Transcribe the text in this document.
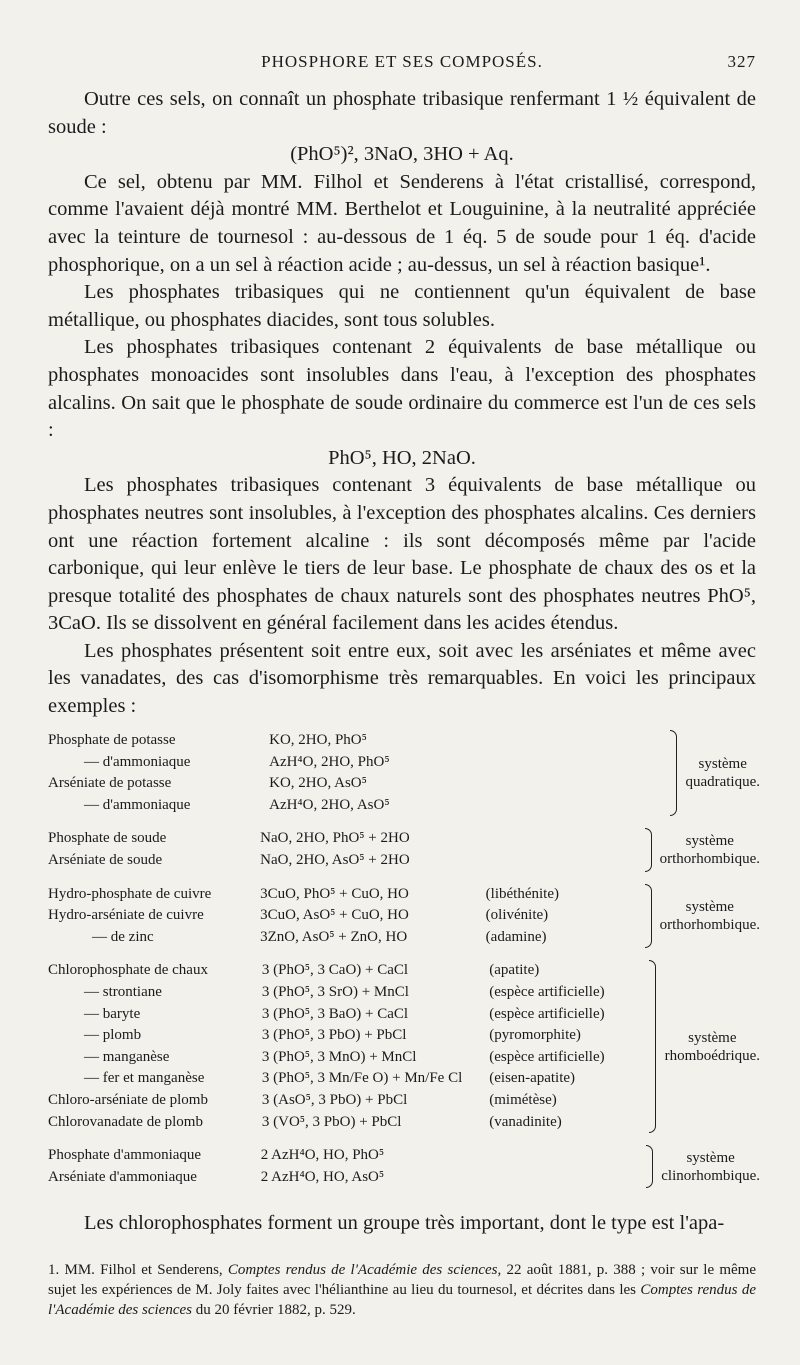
PHOSPHORE ET SES COMPOSÉS.	327

Outre ces sels, on connaît un phosphate tribasique renfermant 1 ½ équivalent de soude :

(PhO⁵)², 3NaO, 3HO + Aq.

Ce sel, obtenu par MM. Filhol et Senderens à l'état cristallisé, correspond, comme l'avaient déjà montré MM. Berthelot et Louguinine, à la neutralité appréciée avec la teinture de tournesol : au-dessous de 1 éq. 5 de soude pour 1 éq. d'acide phosphorique, on a un sel à réaction acide ; au-dessus, un sel à réaction basique¹.

Les phosphates tribasiques qui ne contiennent qu'un équivalent de base métallique, ou phosphates diacides, sont tous solubles.

Les phosphates tribasiques contenant 2 équivalents de base métallique ou phosphates monoacides sont insolubles dans l'eau, à l'exception des phosphates alcalins. On sait que le phosphate de soude ordinaire du commerce est l'un de ces sels :

PhO⁵, HO, 2NaO.

Les phosphates tribasiques contenant 3 équivalents de base métallique ou phosphates neutres sont insolubles, à l'exception des phosphates alcalins. Ces derniers ont une réaction fortement alcaline : ils sont décomposés même par l'acide carbonique, qui leur enlève le tiers de leur base. Le phosphate de chaux des os et la presque totalité des phosphates de chaux naturels sont des phosphates neutres PhO⁵, 3CaO. Ils se dissolvent en général facilement dans les acides étendus.

Les phosphates présentent soit entre eux, soit avec les arséniates et même avec les vanadates, des cas d'isomorphisme très remarquables. En voici les principaux exemples :

Phosphate de potasse
— d'ammoniaque
Arséniate de potasse
— d'ammoniaque
KO, 2HO, PhO⁵
AzH⁴O, 2HO, PhO⁵
KO, 2HO, AsO⁵
AzH⁴O, 2HO, AsO⁵
système
quadratique.
Phosphate de soude
Arséniate de soude
NaO, 2HO, PhO⁵ + 2HO
NaO, 2HO, AsO⁵ + 2HO
système
orthorhombique.
Hydro-phosphate de cuivre
Hydro-arséniate de cuivre
— de zinc
3CuO, PhO⁵ + CuO, HO
3CuO, AsO⁵ + CuO, HO
3ZnO, AsO⁵ + ZnO, HO
(libéthénite)
(olivénite)
(adamine)
système
orthorhombique.
Chlorophosphate de chaux
— strontiane
— baryte
— plomb
— manganèse
— fer et manganèse
Chloro-arséniate de plomb
Chlorovanadate de plomb
3 (PhO⁵, 3 CaO) + CaCl
3 (PhO⁵, 3 SrO) + MnCl
3 (PhO⁵, 3 BaO) + CaCl
3 (PhO⁵, 3 PbO) + PbCl
3 (PhO⁵, 3 MnO) + MnCl
3 (PhO⁵, 3 Mn/Fe O) + Mn/Fe Cl
3 (AsO⁵, 3 PbO) + PbCl
3 (VO⁵, 3 PbO) + PbCl
(apatite)
(espèce artificielle)
(espèce artificielle)
(pyromorphite)
(espèce artificielle)
(eisen-apatite)
(mimétèse)
(vanadinite)
système
rhomboédrique.
Phosphate d'ammoniaque
Arséniate d'ammoniaque
2 AzH⁴O, HO, PhO⁵
2 AzH⁴O, HO, AsO⁵
système
clinorhombique.

Les chlorophosphates forment un groupe très important, dont le type est l'apa-

1. MM. Filhol et Senderens, Comptes rendus de l'Académie des sciences, 22 août 1881, p. 388 ; voir sur le même sujet les expériences de M. Joly faites avec l'hélianthine au lieu du tournesol, et décrites dans les Comptes rendus de l'Académie des sciences du 20 février 1882, p. 529.
